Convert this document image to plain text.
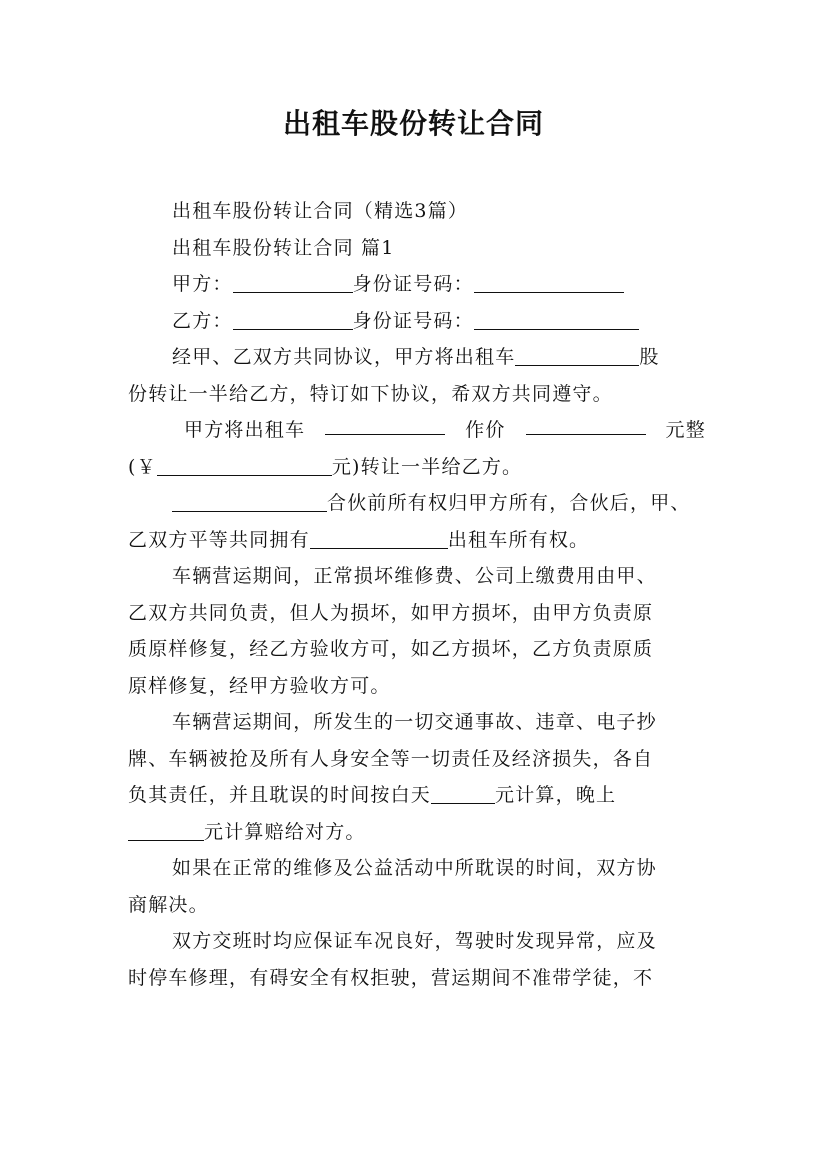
出租车股份转让合同
出租车股份转让合同（精选3篇）
出租车股份转让合同 篇1
甲方：	身份证号码：
乙方：	身份证号码：
经甲、乙双方共同协议，甲方将出租车	股
份转让一半给乙方，特订如下协议，希双方共同遵守。
甲方将出租车	作价	元整
(￥	元)转让一半给乙方。
合伙前所有权归甲方所有，合伙后，甲、
乙双方平等共同拥有	出租车所有权。
车辆营运期间，正常损坏维修费、公司上缴费用由甲、
乙双方共同负责，但人为损坏，如甲方损坏，由甲方负责原
质原样修复，经乙方验收方可，如乙方损坏，乙方负责原质
原样修复，经甲方验收方可。
车辆营运期间，所发生的一切交通事故、违章、电子抄
牌、车辆被抢及所有人身安全等一切责任及经济损失，各自
负其责任，并且耽误的时间按白天	元计算，晚上
元计算赔给对方。
如果在正常的维修及公益活动中所耽误的时间，双方协
商解决。
双方交班时均应保证车况良好，驾驶时发现异常，应及
时停车修理，有碍安全有权拒驶，营运期间不准带学徒，不
